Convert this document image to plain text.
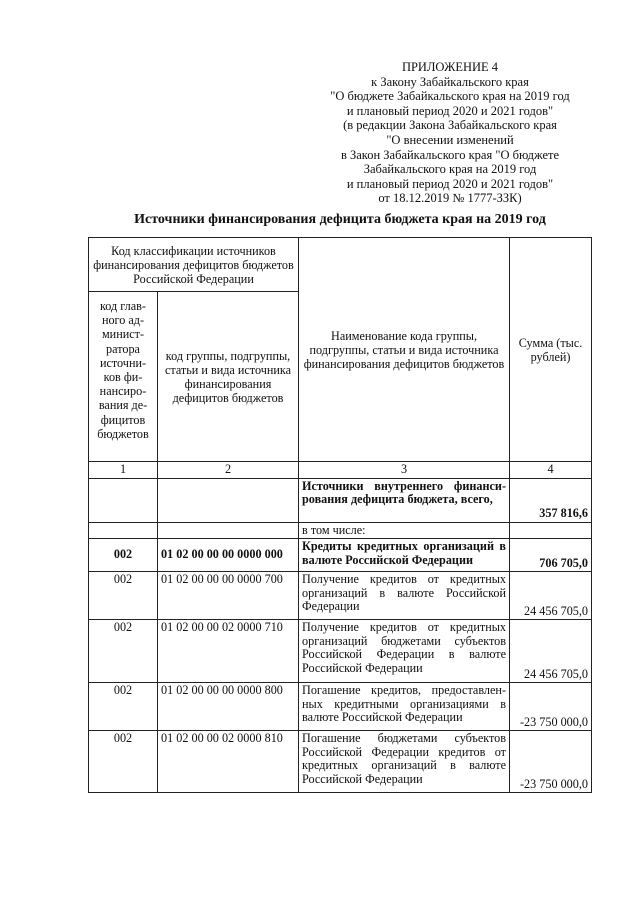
ПРИЛОЖЕНИЕ 4
к Закону Забайкальского края
"О бюджете Забайкальского края на 2019 год
и плановый период 2020 и 2021 годов"
(в редакции Закона Забайкальского края
"О внесении изменений
в Закон Забайкальского края "О бюджете
Забайкальского края на 2019 год
и плановый период 2020 и 2021 годов"
от 18.12.2019 № 1777-ЗЗК)
Источники финансирования дефицита бюджета края на 2019 год
Код классификации источников финансирования дефицитов бюджетов Российской Федерации		Наименование кода группы, подгруппы, статьи и вида источника финансирования дефицитов бюджетов	Сумма (тыс. рублей)
код глав-ного ад-минист-ратора источни-ков фи-нансиро-вания де-фицитов бюджетов	код группы, подгруппы, статьи и вида источника финансирования дефицитов бюджетов		
1	2	3	4
		Источники внутреннего финанси-рования дефицита бюджета, всего,	357 816,6
		в том числе:	
002	01 02 00 00 00 0000 000	Кредиты кредитных организаций в валюте Российской Федерации	706 705,0
002	01 02 00 00 00 0000 700	Получение кредитов от кредитных организаций в валюте Российской Федерации	24 456 705,0
002	01 02 00 00 02 0000 710	Получение кредитов от кредитных организаций бюджетами субъектов Российской Федерации в валюте Российской Федерации	24 456 705,0
002	01 02 00 00 00 0000 800	Погашение кредитов, предоставлен-ных кредитными организациями в валюте Российской Федерации	-23 750 000,0
002	01 02 00 00 02 0000 810	Погашение бюджетами субъектов Российской Федерации кредитов от кредитных организаций в валюте Российской Федерации	-23 750 000,0
